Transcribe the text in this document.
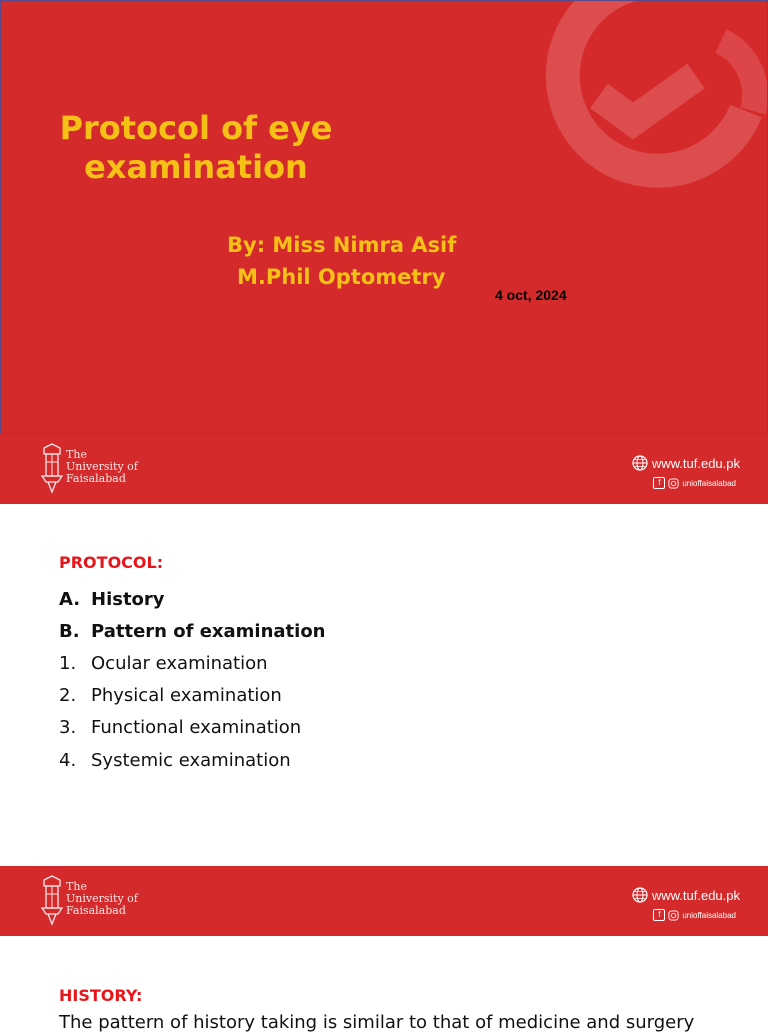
Protocol of eye examination
By: Miss Nimra Asif
M.Phil Optometry
4 oct, 2024
The
University of
Faisalabad
www.tuf.edu.pk
f	unioffaisalabad
PROTOCOL:
A. History
B. Pattern of examination
1. Ocular examination
2. Physical examination
3. Functional examination
4. Systemic examination
The
University of
Faisalabad
www.tuf.edu.pk
f	unioffaisalabad
HISTORY:
The pattern of history taking is similar to that of medicine and surgery
